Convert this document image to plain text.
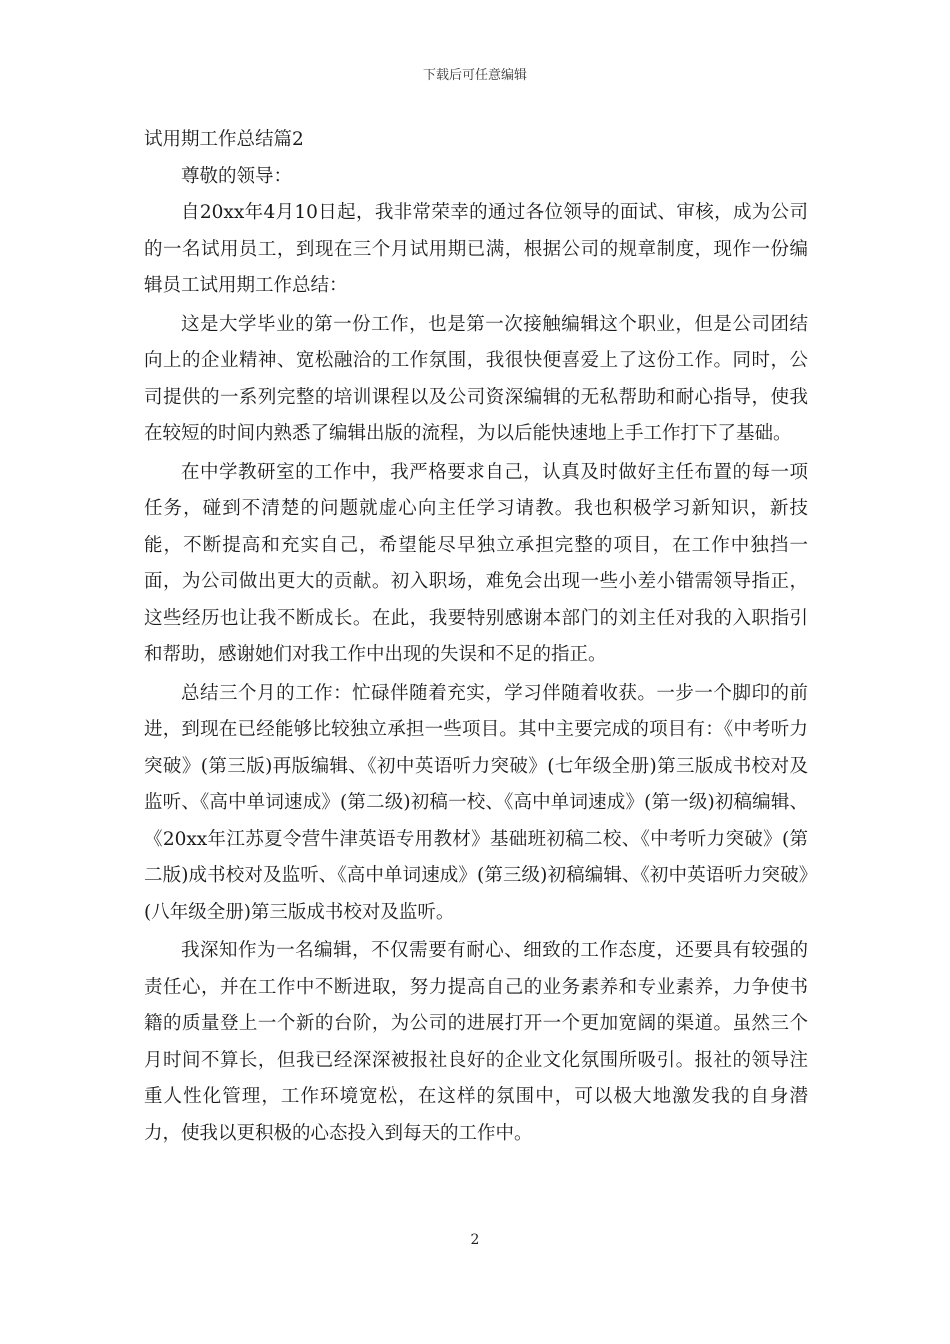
下载后可任意编辑
试用期工作总结篇2
尊敬的领导：

自20xx年4月10日起，我非常荣幸的通过各位领导的面试、审核，成为公司的一名试用员工，到现在三个月试用期已满，根据公司的规章制度，现作一份编辑员工试用期工作总结：

这是大学毕业的第一份工作，也是第一次接触编辑这个职业，但是公司团结向上的企业精神、宽松融洽的工作氛围，我很快便喜爱上了这份工作。同时，公司提供的一系列完整的培训课程以及公司资深编辑的无私帮助和耐心指导，使我在较短的时间内熟悉了编辑出版的流程，为以后能快速地上手工作打下了基础。

在中学教研室的工作中，我严格要求自己，认真及时做好主任布置的每一项任务，碰到不清楚的问题就虚心向主任学习请教。我也积极学习新知识，新技能，不断提高和充实自己，希望能尽早独立承担完整的项目，在工作中独挡一面，为公司做出更大的贡献。初入职场，难免会出现一些小差小错需领导指正，这些经历也让我不断成长。在此，我要特别感谢本部门的刘主任对我的入职指引和帮助，感谢她们对我工作中出现的失误和不足的指正。

总结三个月的工作：忙碌伴随着充实，学习伴随着收获。一步一个脚印的前进，到现在已经能够比较独立承担一些项目。其中主要完成的项目有：《中考听力突破》(第三版)再版编辑、《初中英语听力突破》(七年级全册)第三版成书校对及监听、《高中单词速成》(第二级)初稿一校、《高中单词速成》(第一级)初稿编辑、《20xx年江苏夏令营牛津英语专用教材》基础班初稿二校、《中考听力突破》(第二版)成书校对及监听、《高中单词速成》(第三级)初稿编辑、《初中英语听力突破》(八年级全册)第三版成书校对及监听。

我深知作为一名编辑，不仅需要有耐心、细致的工作态度，还要具有较强的责任心，并在工作中不断进取，努力提高自己的业务素养和专业素养，力争使书籍的质量登上一个新的台阶，为公司的进展打开一个更加宽阔的渠道。虽然三个月时间不算长，但我已经深深被报社良好的企业文化氛围所吸引。报社的领导注重人性化管理，工作环境宽松，在这样的氛围中，可以极大地激发我的自身潜力，使我以更积极的心态投入到每天的工作中。

2
